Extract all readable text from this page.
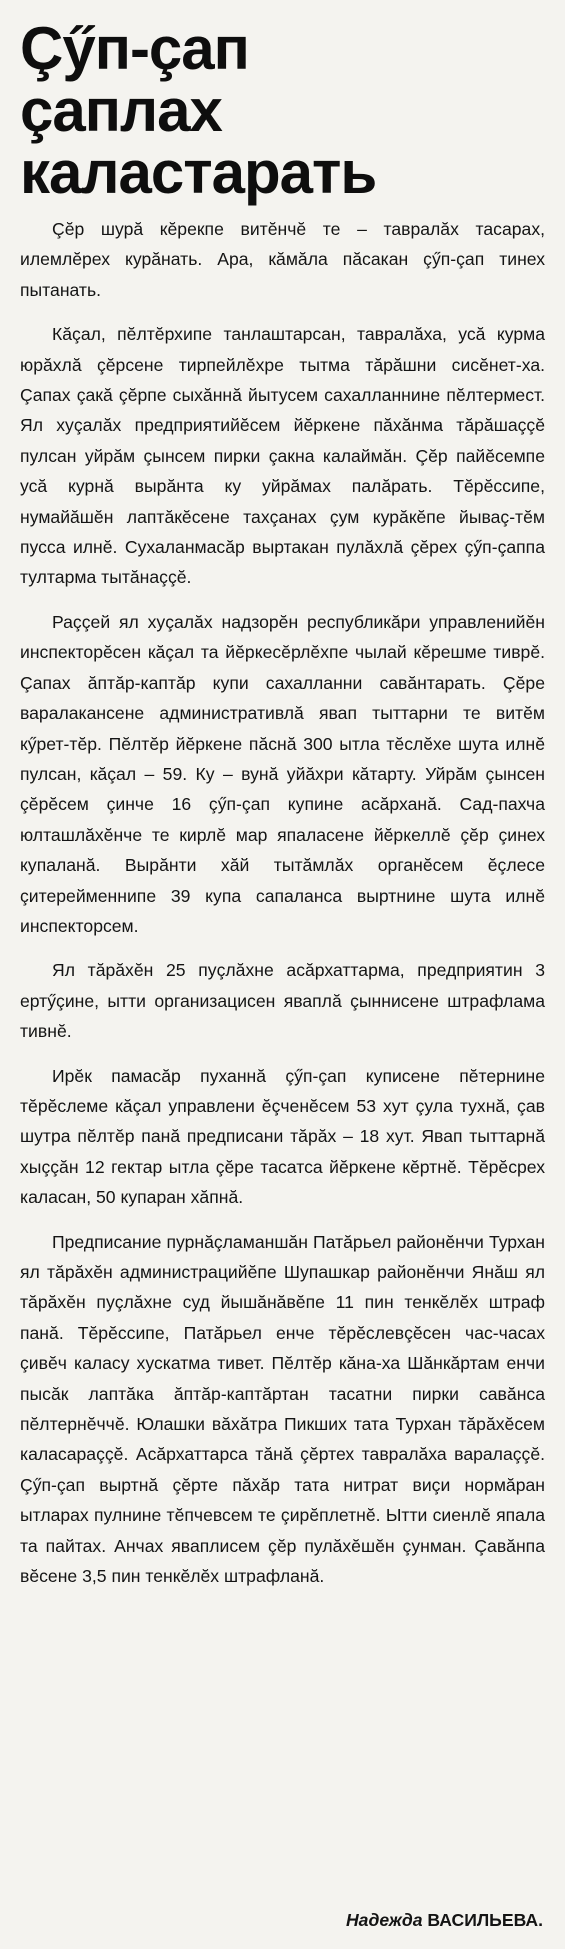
Çӳп-çап
çаплах
каластарать

Çĕр шурă кĕрекпе витĕнчĕ те – тавралăх тасарах, илемлĕрех курăнать. Ара, кăмăла пăсакан çӳп-çап тинех пытанать.

Кăçал, пĕлтĕрхипе танлаштарсан, тавралăха, усă курма юрăхлă çĕрсене тирпейлĕхре тытма тăрăшни сисĕнет-ха. Çапах çакă çĕрпе сыхăннă йытусем сахалланнине пĕлтермест. Ял хуçалăх предприятийĕсем йĕркене пăхăнма тăрăшаççĕ пулсан уйрăм çынсем пирки çакна калаймăн. Çĕр пайĕсемпе усă курнă вырăнта ку уйрăмах палăрать. Тĕрĕссипе, нумайăшĕн лаптăкĕсене тахçанах çум курăкĕпе йываç-тĕм пусса илнĕ. Сухаланмасăр выртакан пулăхлă çĕрех çӳп-çаппа тултарма тытăнаççĕ.

Раççей ял хуçалăх надзорĕн республикăри управленийĕн инспекторĕсен кăçал та йĕркесĕрлĕхпе чылай кĕрешме тиврĕ. Çапах ăптăр-каптăр купи сахалланни савăнтарать. Çĕре варалакансене административлă явап тыттарни те витĕм кӳрет-тĕр. Пĕлтĕр йĕркене пăснă 300 ытла тĕслĕхе шута илнĕ пулсан, кăçал – 59. Ку – вунă уйăхри кăтарту. Уйрăм çынсен çĕрĕсем çинче 16 çӳп-çап купине асăрханă. Сад-пахча юлташлăхĕнче те кирлĕ мар япаласене йĕркеллĕ çĕр çинех купаланă. Вырăнти хăй тытăмлăх органĕсем ĕçлесе çитерейменнипе 39 купа сапаланса выртнине шута илнĕ инспекторсем.

Ял тăрăхĕн 25 пуçлăхне асăрхаттарма, предприятин 3 ертӳçине, ытти организацисен яваплă çыннисене штрафлама тивнĕ.

Ирĕк памасăр пуханнă çӳп-çап куписене пĕтернине тĕрĕслеме кăçал управлени ĕçченĕсем 53 хут çула тухнă, çав шутра пĕлтĕр панă предписани тăрăх – 18 хут. Явап тыттарнă хыççăн 12 гектар ытла çĕре тасатса йĕркене кĕртнĕ. Тĕрĕсрех каласан, 50 купаран хăпнă.

Предписание пурнăçламаншăн Патăрьел районĕнчи Турхан ял тăрăхĕн администрацийĕпе Шупашкар районĕнчи Янăш ял тăрăхĕн пуçлăхне суд йышăнăвĕпе 11 пин тенкĕлĕх штраф панă. Тĕрĕссипе, Патăрьел енче тĕрĕслевçĕсен час-часах çивĕч каласу хускатма тивет. Пĕлтĕр кăна-ха Шăнкăртам енчи пысăк лаптăка ăптăр-каптăртан тасатни пирки савăнса пĕлтернĕччĕ. Юлашки вăхăтра Пикших тата Турхан тăрăхĕсем каласараççĕ. Асăрхаттарса тăнă çĕртех тавралăха варалаççĕ. Çӳп-çап выртнă çĕрте пăхăр тата нитрат виçи нормăран ытларах пулнине тĕпчевсем те çирĕплетнĕ. Ытти сиенлĕ япала та пайтах. Анчах яваплисем çĕр пулăхĕшĕн çунман. Çавăнпа вĕсене 3,5 пин тенкĕлĕх штрафланă.

Надежда ВАСИЛЬЕВА.
